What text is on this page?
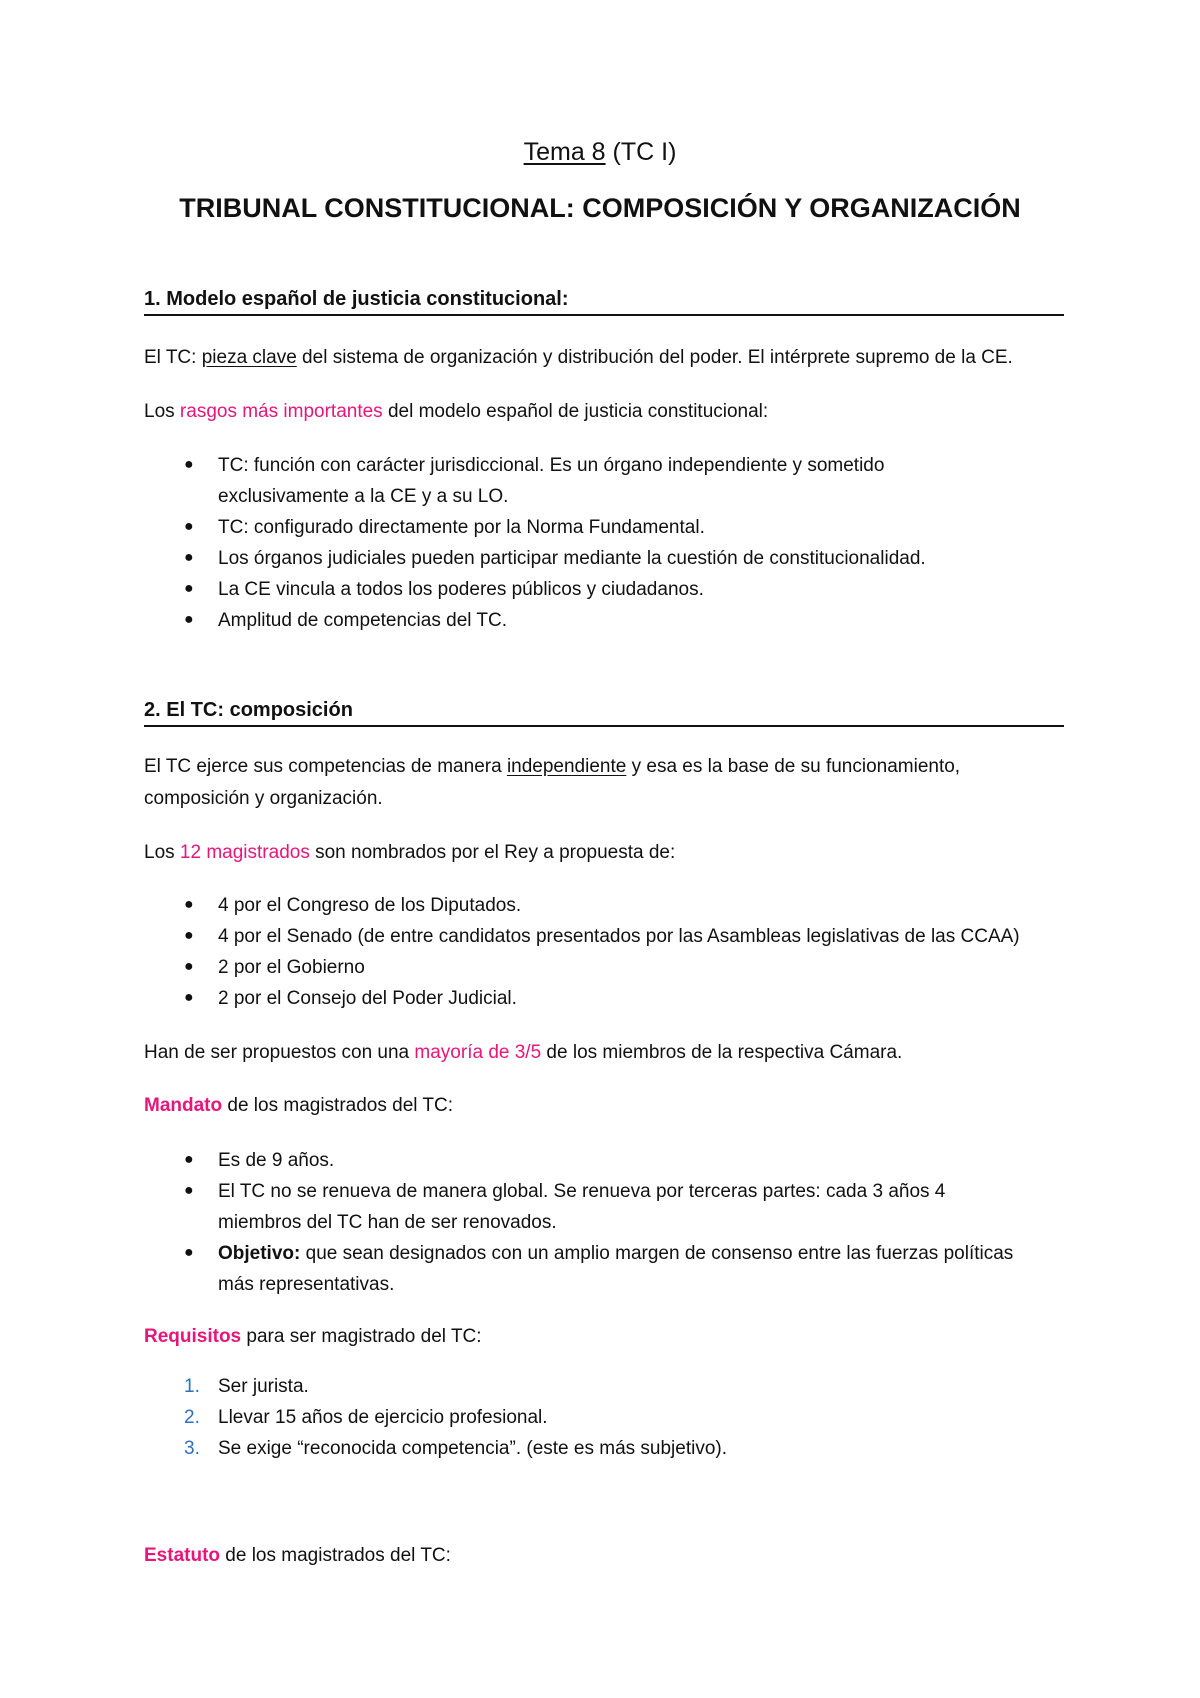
Tema 8 (TC I)
TRIBUNAL CONSTITUCIONAL: COMPOSICIÓN Y ORGANIZACIÓN
1. Modelo español de justicia constitucional:
El TC: pieza clave del sistema de organización y distribución del poder. El intérprete supremo de la CE.
Los rasgos más importantes del modelo español de justicia constitucional:
● TC: función con carácter jurisdiccional. Es un órgano independiente y sometido
exclusivamente a la CE y a su LO.
● TC: configurado directamente por la Norma Fundamental.
● Los órganos judiciales pueden participar mediante la cuestión de constitucionalidad.
● La CE vincula a todos los poderes públicos y ciudadanos.
● Amplitud de competencias del TC.
2. El TC: composición
El TC ejerce sus competencias de manera independiente y esa es la base de su funcionamiento,
composición y organización.
Los 12 magistrados son nombrados por el Rey a propuesta de:
● 4 por el Congreso de los Diputados.
● 4 por el Senado (de entre candidatos presentados por las Asambleas legislativas de las CCAA)
● 2 por el Gobierno
● 2 por el Consejo del Poder Judicial.
Han de ser propuestos con una mayoría de 3/5 de los miembros de la respectiva Cámara.
Mandato de los magistrados del TC:
● Es de 9 años.
● El TC no se renueva de manera global. Se renueva por terceras partes: cada 3 años 4
miembros del TC han de ser renovados.
● Objetivo: que sean designados con un amplio margen de consenso entre las fuerzas políticas
más representativas.
Requisitos para ser magistrado del TC:
1. Ser jurista.
2. Llevar 15 años de ejercicio profesional.
3. Se exige “reconocida competencia”. (este es más subjetivo).
Estatuto de los magistrados del TC:
